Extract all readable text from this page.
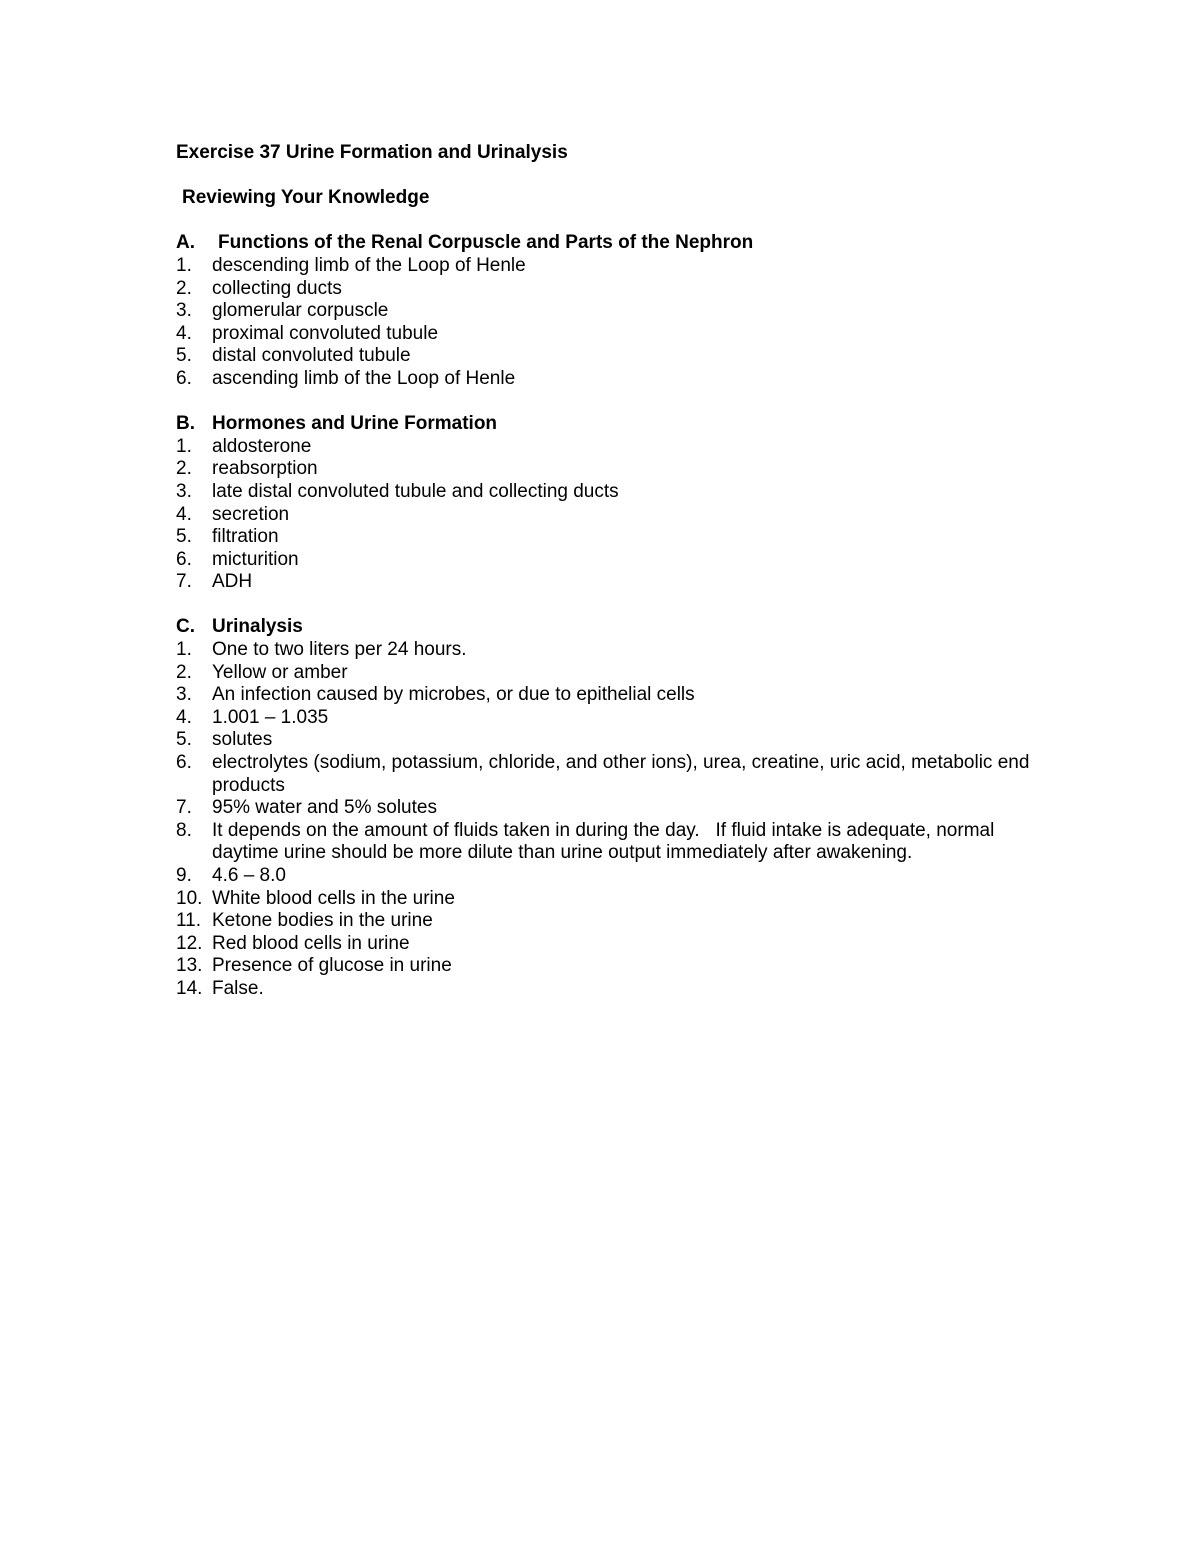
Exercise 37 Urine Formation and Urinalysis

Reviewing Your Knowledge

A.	Functions of the Renal Corpuscle and Parts of the Nephron
1.	descending limb of the Loop of Henle
2.	collecting ducts
3.	glomerular corpuscle
4.	proximal convoluted tubule
5.	distal convoluted tubule
6.	ascending limb of the Loop of Henle
B. Hormones and Urine Formation
1.	aldosterone
2.	reabsorption
3.	late distal convoluted tubule and collecting ducts
4.	secretion
5.	filtration
6.	micturition
7.	ADH
C. Urinalysis
1.	One to two liters per 24 hours.
2.	Yellow or amber
3.	An infection caused by microbes, or due to epithelial cells
4.	1.001 – 1.035
5.	solutes
6.	electrolytes (sodium, potassium, chloride, and other ions), urea, creatine, uric acid, metabolic end products
7.	95% water and 5% solutes
8.	It depends on the amount of fluids taken in during the day.   If fluid intake is adequate, normal daytime urine should be more dilute than urine output immediately after awakening.
9.	4.6 – 8.0
10. White blood cells in the urine
11. Ketone bodies in the urine
12. Red blood cells in urine
13. Presence of glucose in urine
14. False.
